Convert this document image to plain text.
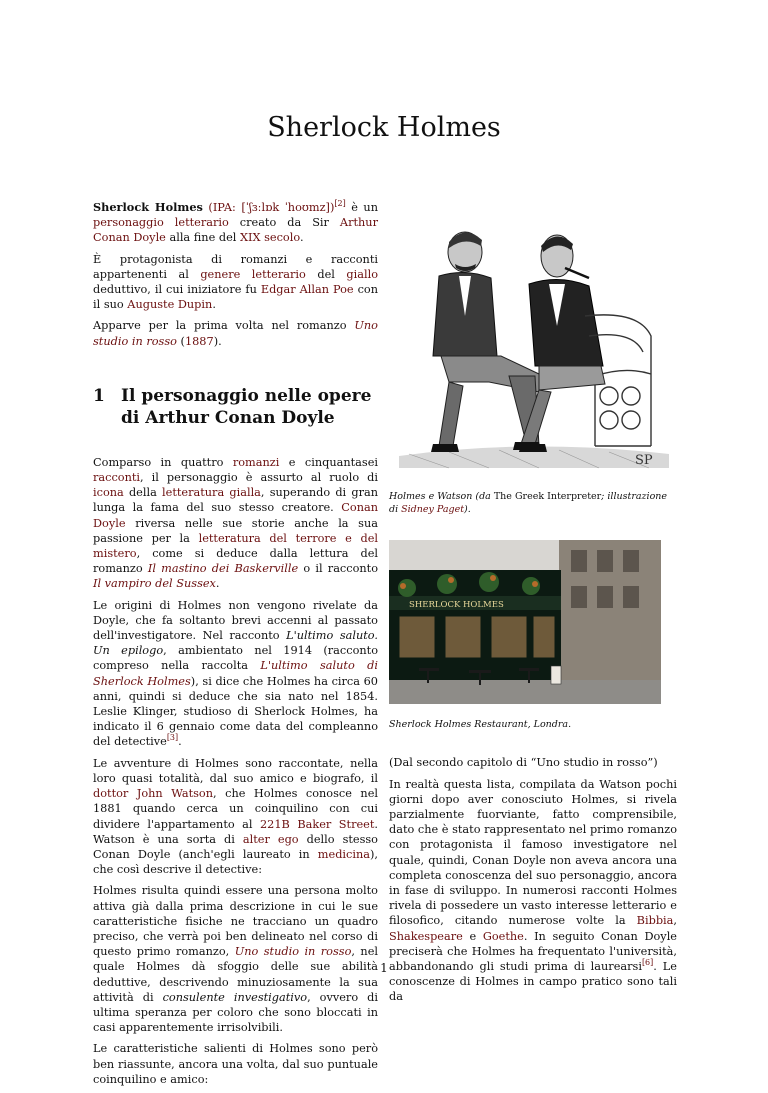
Sherlock Holmes

Sherlock Holmes (IPA: [ˈʃɜːlɒk ˈhoʊmz])[2] è un personaggio letterario creato da Sir Arthur Conan Doyle alla fine del XIX secolo.

È protagonista di romanzi e racconti appartenenti al genere letterario del giallo deduttivo, il cui iniziatore fu Edgar Allan Poe con il suo Auguste Dupin.

Apparve per la prima volta nel romanzo Uno studio in rosso (1887).

1 Il personaggio nelle opere di Arthur Conan Doyle

Comparso in quattro romanzi e cinquantasei racconti, il personaggio è assurto al ruolo di icona della letteratura gialla, superando di gran lunga la fama del suo stesso creatore. Conan Doyle riversa nelle sue storie anche la sua passione per la letteratura del terrore e del mistero, come si deduce dalla lettura del romanzo Il mastino dei Baskerville o il racconto Il vampiro del Sussex.

Le origini di Holmes non vengono rivelate da Doyle, che fa soltanto brevi accenni al passato dell'investigatore. Nel racconto L'ultimo saluto. Un epilogo, ambientato nel 1914 (racconto compreso nella raccolta L'ultimo saluto di Sherlock Holmes), si dice che Holmes ha circa 60 anni, quindi si deduce che sia nato nel 1854. Leslie Klinger, studioso di Sherlock Holmes, ha indicato il 6 gennaio come data del compleanno del detective[3].

Le avventure di Holmes sono raccontate, nella loro quasi totalità, dal suo amico e biografo, il dottor John Watson, che Holmes conosce nel 1881 quando cerca un coinquilino con cui dividere l'appartamento al 221B Baker Street. Watson è una sorta di alter ego dello stesso Conan Doyle (anch'egli laureato in medicina), che così descrive il detective:

Holmes risulta quindi essere una persona molto attiva già dalla prima descrizione in cui le sue caratteristiche fisiche ne tracciano un quadro preciso, che verrà poi ben delineato nel corso di questo primo romanzo, Uno studio in rosso, nel quale Holmes dà sfoggio delle sue abilità deduttive, descrivendo minuziosamente la sua attività di consulente investigativo, ovvero di ultima speranza per coloro che sono bloccati in casi apparentemente irrisolvibili.

Le caratteristiche salienti di Holmes sono però ben riassunte, ancora una volta, dal suo puntuale coinquilino e amico:

SP
Holmes e Watson (da The Greek Interpreter; illustrazione di Sidney Paget).
SHERLOCK HOLMES
Sherlock Holmes Restaurant, Londra.

(Dal secondo capitolo di “Uno studio in rosso”)

In realtà questa lista, compilata da Watson pochi giorni dopo aver conosciuto Holmes, si rivela parzialmente fuorviante, fatto comprensibile, dato che è stato rappresentato nel primo romanzo con protagonista il famoso investigatore nel quale, quindi, Conan Doyle non aveva ancora una completa conoscenza del suo personaggio, ancora in fase di sviluppo. In numerosi racconti Holmes rivela di possedere un vasto interesse letterario e filosofico, citando numerose volte la Bibbia, Shakespeare e Goethe. In seguito Conan Doyle preciserà che Holmes ha frequentato l'università, abbandonando gli studi prima di laurearsi[6]. Le conoscenze di Holmes in campo pratico sono tali da

1
